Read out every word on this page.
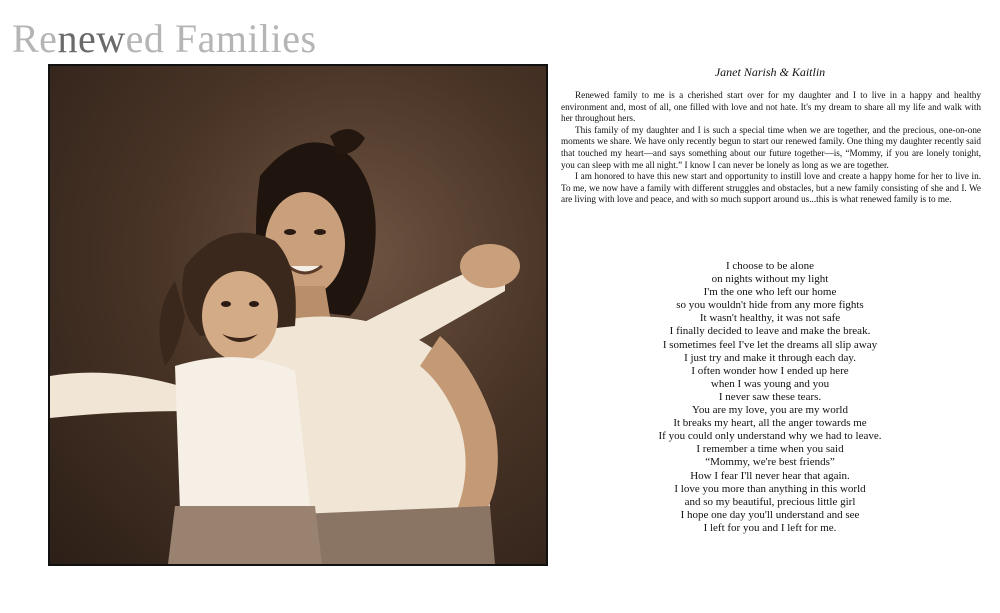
Renewed Families
Janet Narish & Kaitlin

Renewed family to me is a cherished start over for my daughter and I to live in a happy and healthy environment and, most of all, one filled with love and not hate. It's my dream to share all my life and walk with her throughout hers.

This family of my daughter and I is such a special time when we are together, and the precious, one-on-one moments we share. We have only recently begun to start our renewed family. One thing my daughter recently said that touched my heart—and says something about our future together—is, “Mommy, if you are lonely tonight, you can sleep with me all night.” I know I can never be lonely as long as we are together.

I am honored to have this new start and opportunity to instill love and create a happy home for her to live in. To me, we now have a family with different struggles and obstacles, but a new family consisting of she and I. We are living with love and peace, and with so much support around us...this is what renewed family is to me.

I choose to be alone
on nights without my light
I'm the one who left our home
so you wouldn't hide from any more fights
It wasn't healthy, it was not safe
I finally decided to leave and make the break.
I sometimes feel I've let the dreams all slip away
I just try and make it through each day.
I often wonder how I ended up here
when I was young and you
I never saw these tears.
You are my love, you are my world
It breaks my heart, all the anger towards me
If you could only understand why we had to leave.
I remember a time when you said
“Mommy, we're best friends”
How I fear I'll never hear that again.
I love you more than anything in this world
and so my beautiful, precious little girl
I hope one day you'll understand and see
I left for you and I left for me.
